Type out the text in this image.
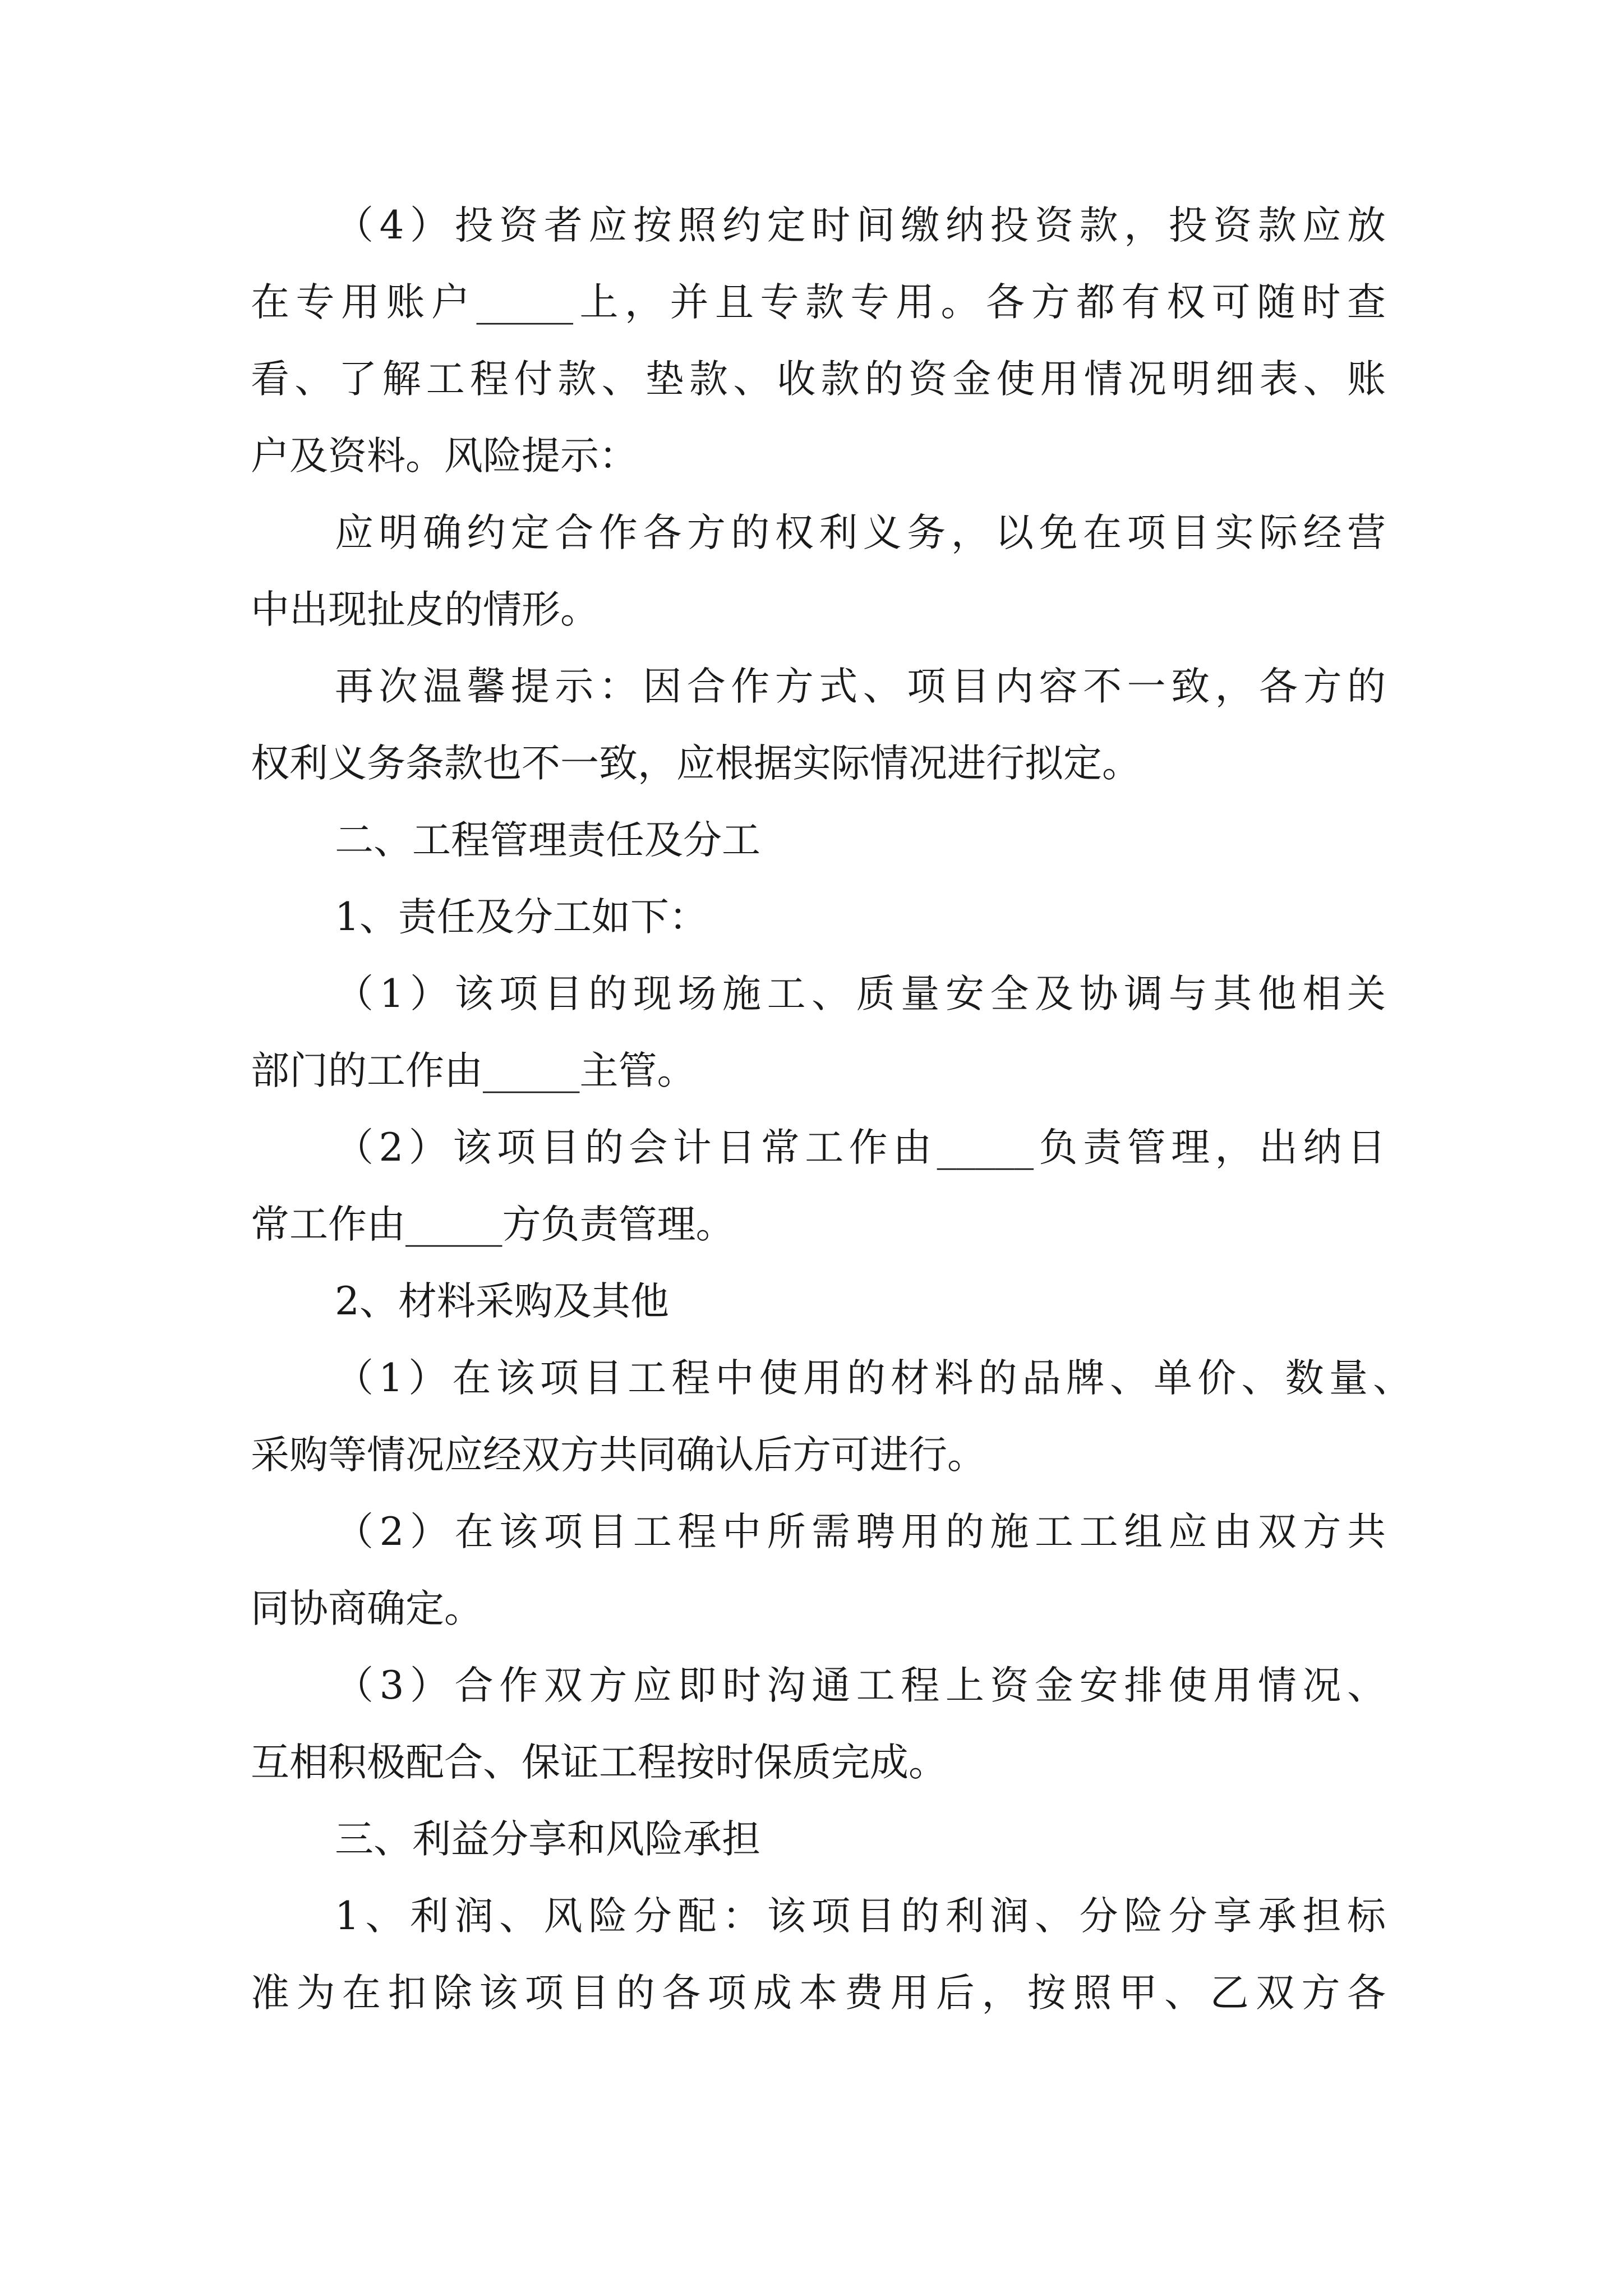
（4）投资者应按照约定时间缴纳投资款，投资款应放
在专用账户_____上，并且专款专用。各方都有权可随时查
看、了解工程付款、垫款、收款的资金使用情况明细表、账
户及资料。风险提示：
应明确约定合作各方的权利义务，以免在项目实际经营
中出现扯皮的情形。
再次温馨提示：因合作方式、项目内容不一致，各方的
权利义务条款也不一致，应根据实际情况进行拟定。
二、工程管理责任及分工
1、责任及分工如下：
（1）该项目的现场施工、质量安全及协调与其他相关
部门的工作由_____主管。
（2）该项目的会计日常工作由_____负责管理，出纳日
常工作由_____方负责管理。
2、材料采购及其他
（1）在该项目工程中使用的材料的品牌、单价、数量、
采购等情况应经双方共同确认后方可进行。
（2）在该项目工程中所需聘用的施工工组应由双方共
同协商确定。
（3）合作双方应即时沟通工程上资金安排使用情况、
互相积极配合、保证工程按时保质完成。
三、利益分享和风险承担
1、利润、风险分配：该项目的利润、分险分享承担标
准为在扣除该项目的各项成本费用后，按照甲、乙双方各
